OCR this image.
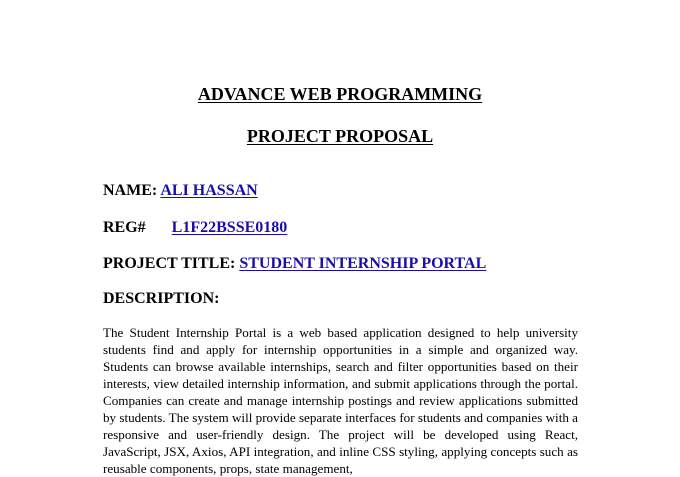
ADVANCE WEB PROGRAMMING
PROJECT PROPOSAL
NAME: ALI HASSAN
REG# L1F22BSSE0180
PROJECT TITLE: STUDENT INTERNSHIP PORTAL
DESCRIPTION:
The Student Internship Portal is a web based application designed to help university students find and apply for internship opportunities in a simple and organized way. Students can browse available internships, search and filter opportunities based on their interests, view detailed internship information, and submit applications through the portal. Companies can create and manage internship postings and review applications submitted by students. The system will provide separate interfaces for students and companies with a responsive and user-friendly design. The project will be developed using React, JavaScript, JSX, Axios, API integration, and inline CSS styling, applying concepts such as reusable components, props, state management,
